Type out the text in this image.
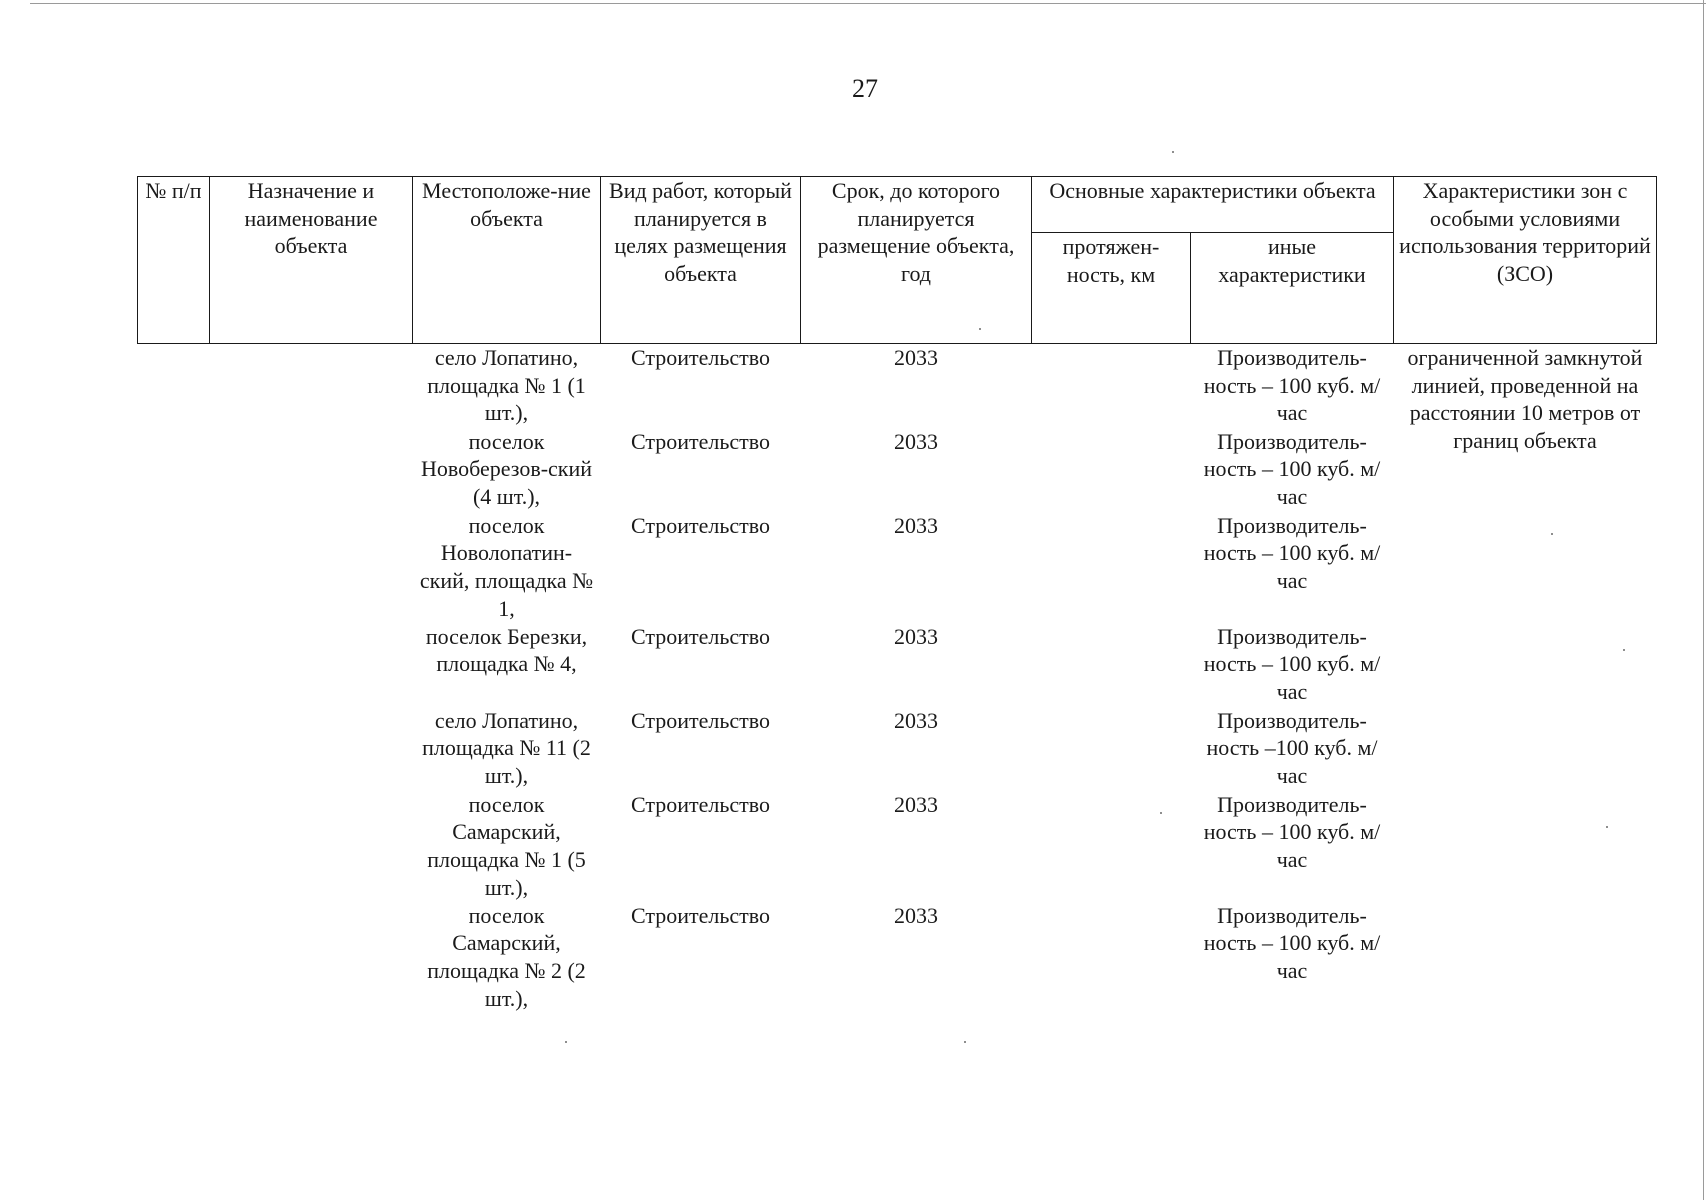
27
№ п/п	Назначение и наименование объекта	Местоположе-ние объекта	Вид работ, который планируется в целях размещения объекта	Срок, до которого планируется размещение объекта, год	Основные характеристики объекта		Характеристики зон с особыми условиями использования территорий (ЗСО)
					протяжен-ность, км	иные характеристики	
		село Лопатино, площадка № 1 (1 шт.),	Строительство	2033		Производитель-ность – 100 куб. м/час	ограниченной замкнутой линией, проведенной на расстоянии 10 метров от границ объекта
		поселок Новоберезов-ский (4 шт.),	Строительство	2033		Производитель-ность – 100 куб. м/час	
		поселок Новолопатин-ский, площадка № 1,	Строительство	2033		Производитель-ность – 100 куб. м/час	
		поселок Березки, площадка № 4,	Строительство	2033		Производитель-ность – 100 куб. м/час	
		село Лопатино, площадка № 11 (2 шт.),	Строительство	2033		Производитель-ность –100 куб. м/час	
		поселок Самарский, площадка № 1 (5 шт.),	Строительство	2033		Производитель-ность – 100 куб. м/час	
		поселок Самарский, площадка № 2 (2 шт.),	Строительство	2033		Производитель-ность – 100 куб. м/час	
